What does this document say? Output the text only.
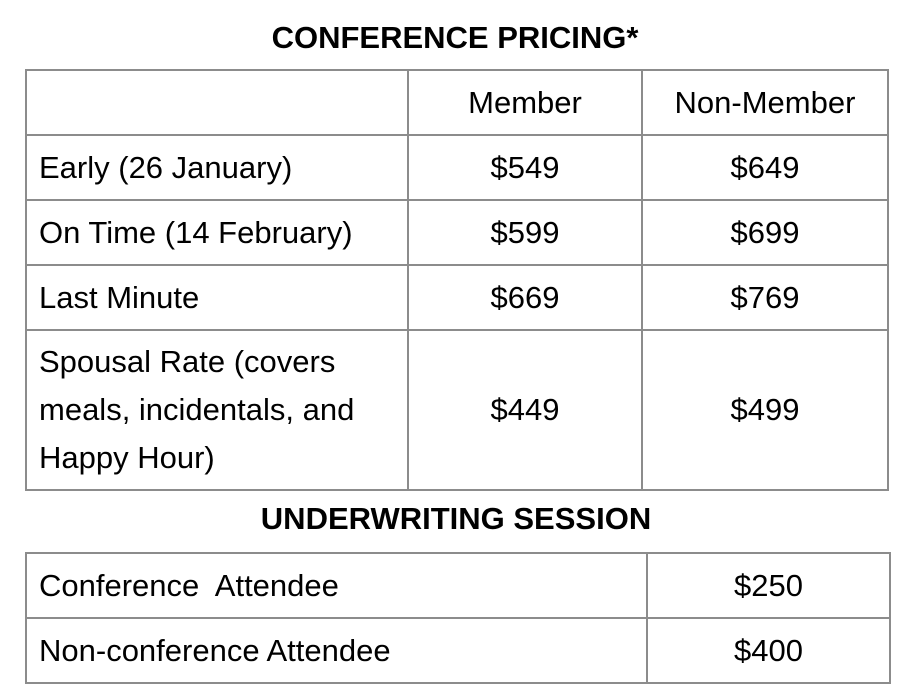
CONFERENCE PRICING*
	Member	Non-Member
Early (26 January)	$549	$649
On Time (14 February)	$599	$699
Last Minute	$669	$769
Spousal Rate (covers meals, incidentals, and Happy Hour)	$449	$499
UNDERWRITING SESSION
Conference  Attendee	$250
Non-conference Attendee	$400
